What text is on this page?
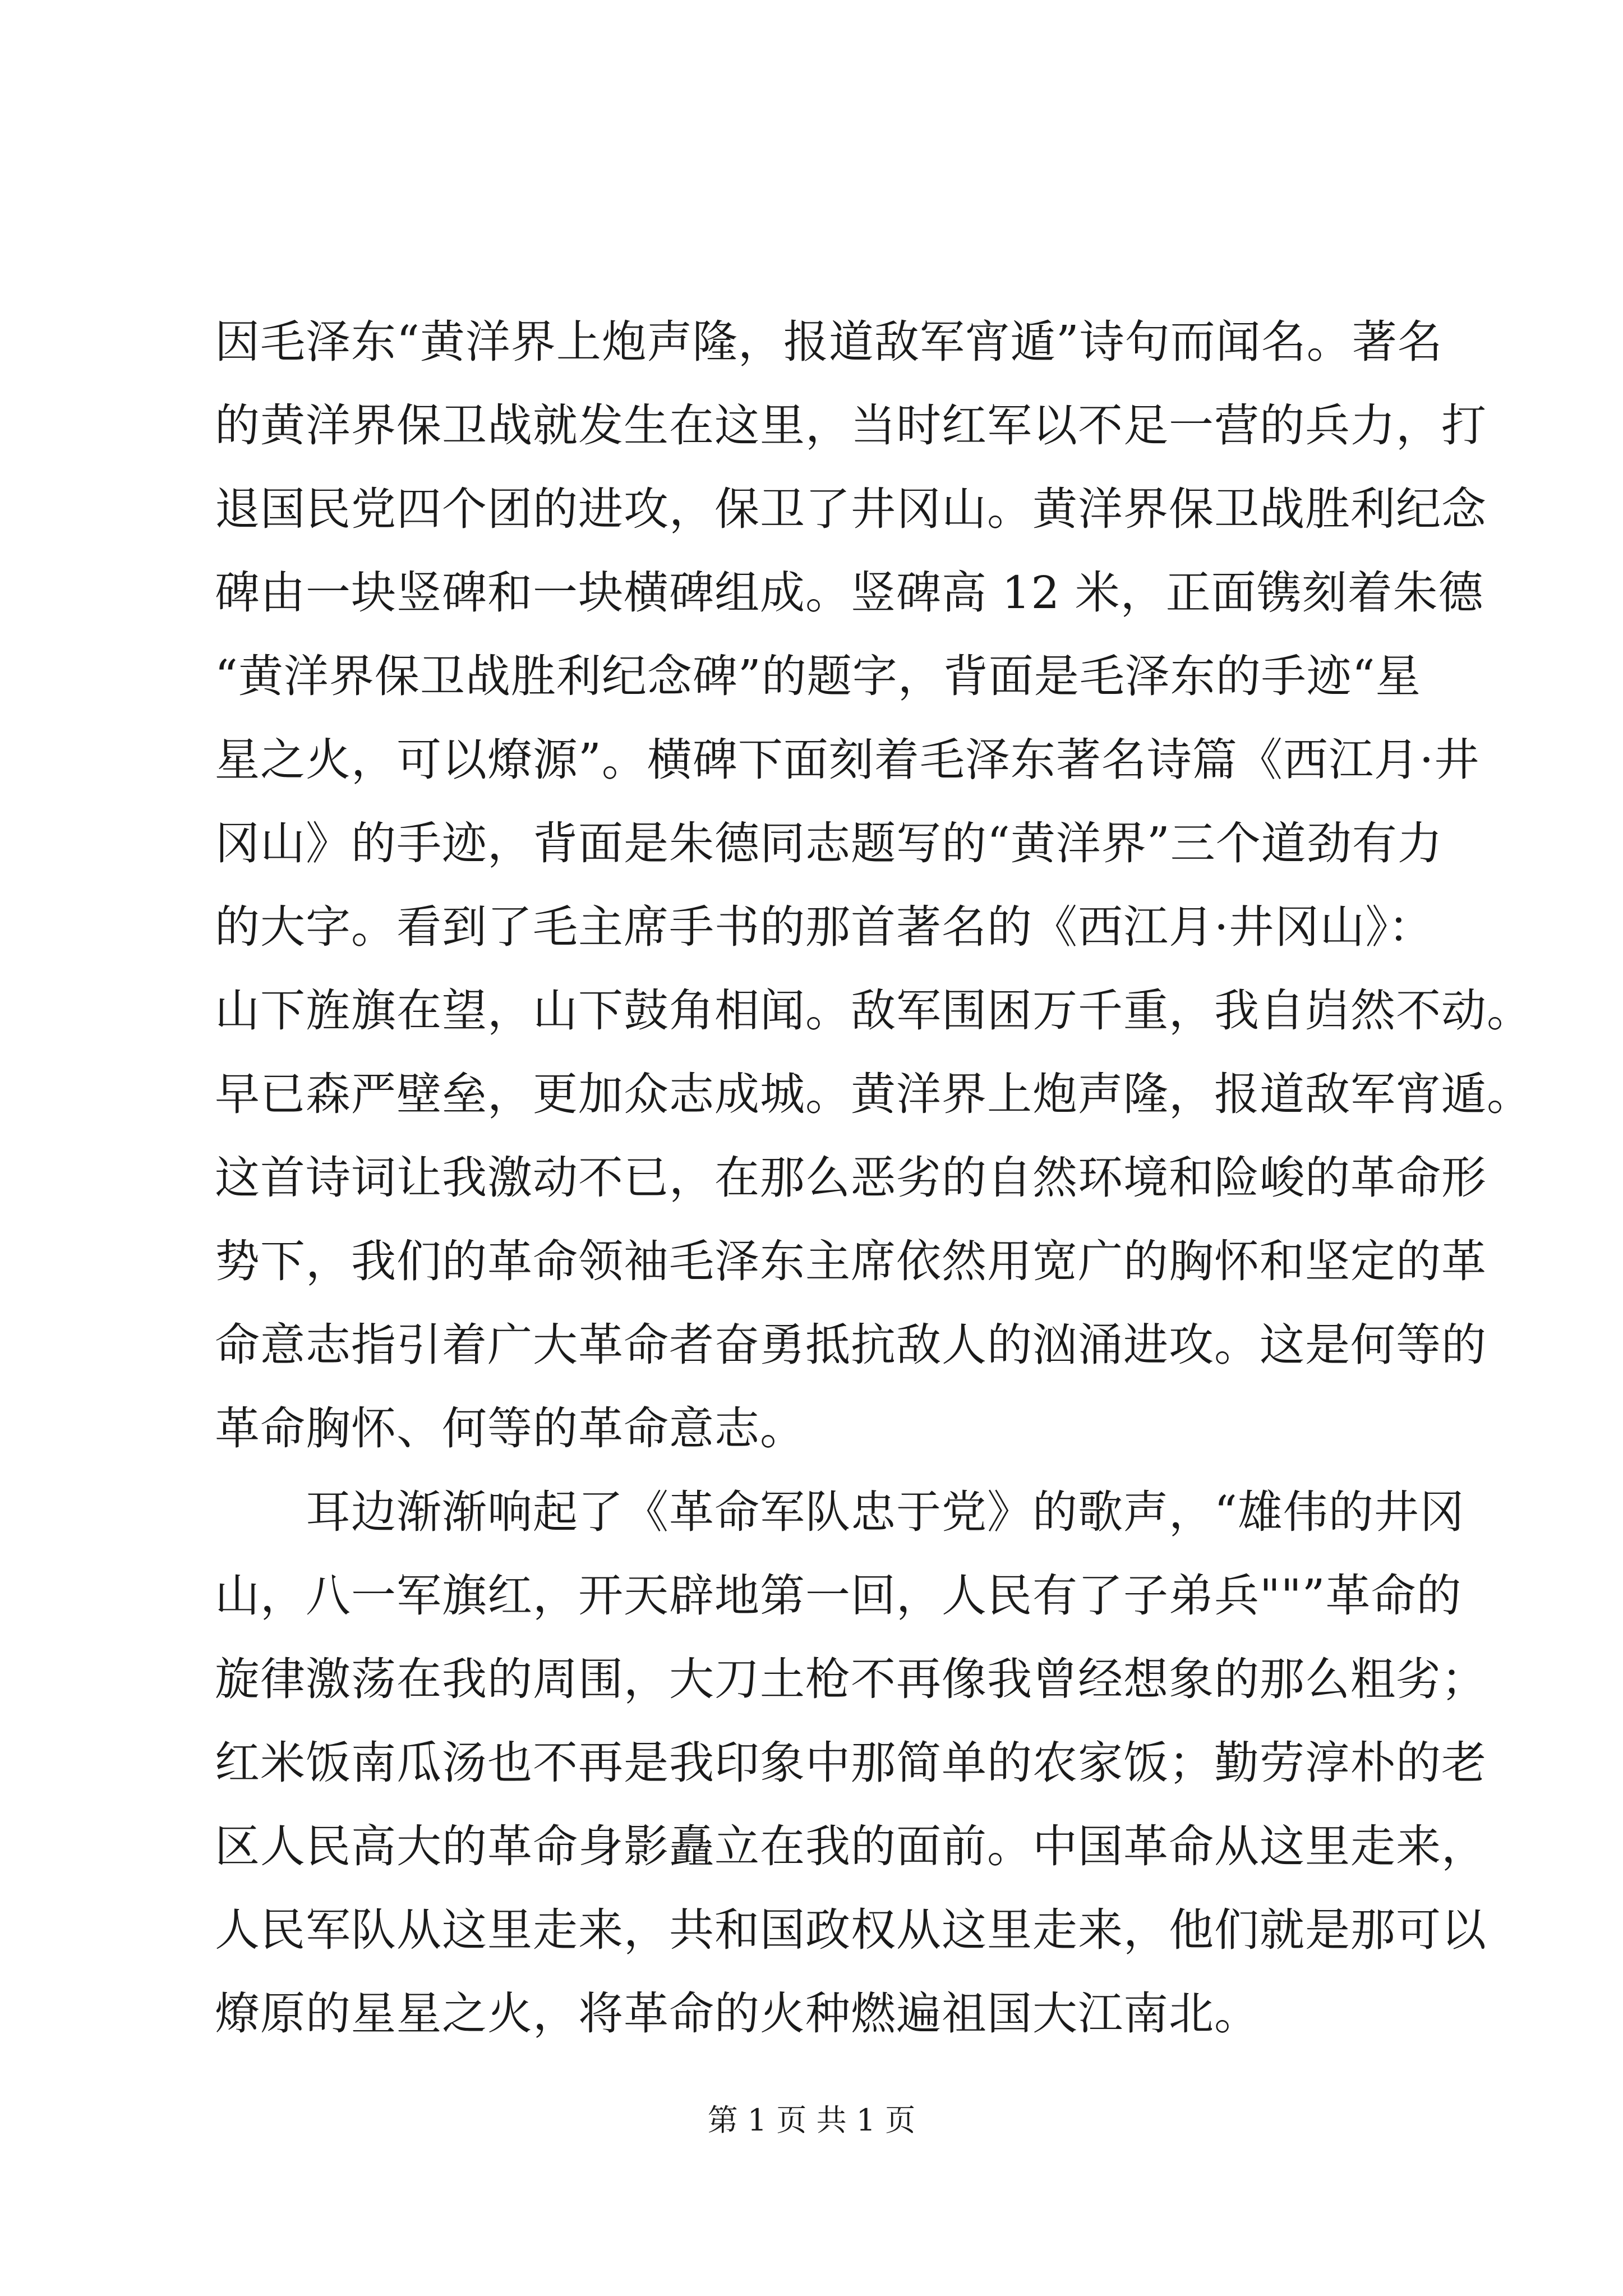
因毛泽东“黄洋界上炮声隆，报道敌军宵遁”诗句而闻名。著名
的黄洋界保卫战就发生在这里，当时红军以不足一营的兵力，打
退国民党四个团的进攻，保卫了井冈山。黄洋界保卫战胜利纪念
碑由一块竖碑和一块横碑组成。竖碑高 12 米，正面镌刻着朱德
“黄洋界保卫战胜利纪念碑”的题字，背面是毛泽东的手迹“星
星之火，可以燎源”。横碑下面刻着毛泽东著名诗篇《西江月·井
冈山》的手迹，背面是朱德同志题写的“黄洋界”三个道劲有力
的大字。看到了毛主席手书的那首著名的《西江月·井冈山》：
山下旌旗在望，山下鼓角相闻。敌军围困万千重，我自岿然不动。
早已森严壁垒，更加众志成城。黄洋界上炮声隆，报道敌军宵遁。
这首诗词让我激动不已，在那么恶劣的自然环境和险峻的革命形
势下，我们的革命领袖毛泽东主席依然用宽广的胸怀和坚定的革
命意志指引着广大革命者奋勇抵抗敌人的汹涌进攻。这是何等的
革命胸怀、何等的革命意志。
　　耳边渐渐响起了《革命军队忠于党》的歌声，“雄伟的井冈
山，八一军旗红，开天辟地第一回，人民有了子弟兵""”革命的
旋律激荡在我的周围，大刀土枪不再像我曾经想象的那么粗劣；
红米饭南瓜汤也不再是我印象中那简单的农家饭；勤劳淳朴的老
区人民高大的革命身影矗立在我的面前。中国革命从这里走来，
人民军队从这里走来，共和国政权从这里走来，他们就是那可以
燎原的星星之火，将革命的火种燃遍祖国大江南北。
第 1 页 共 1 页
